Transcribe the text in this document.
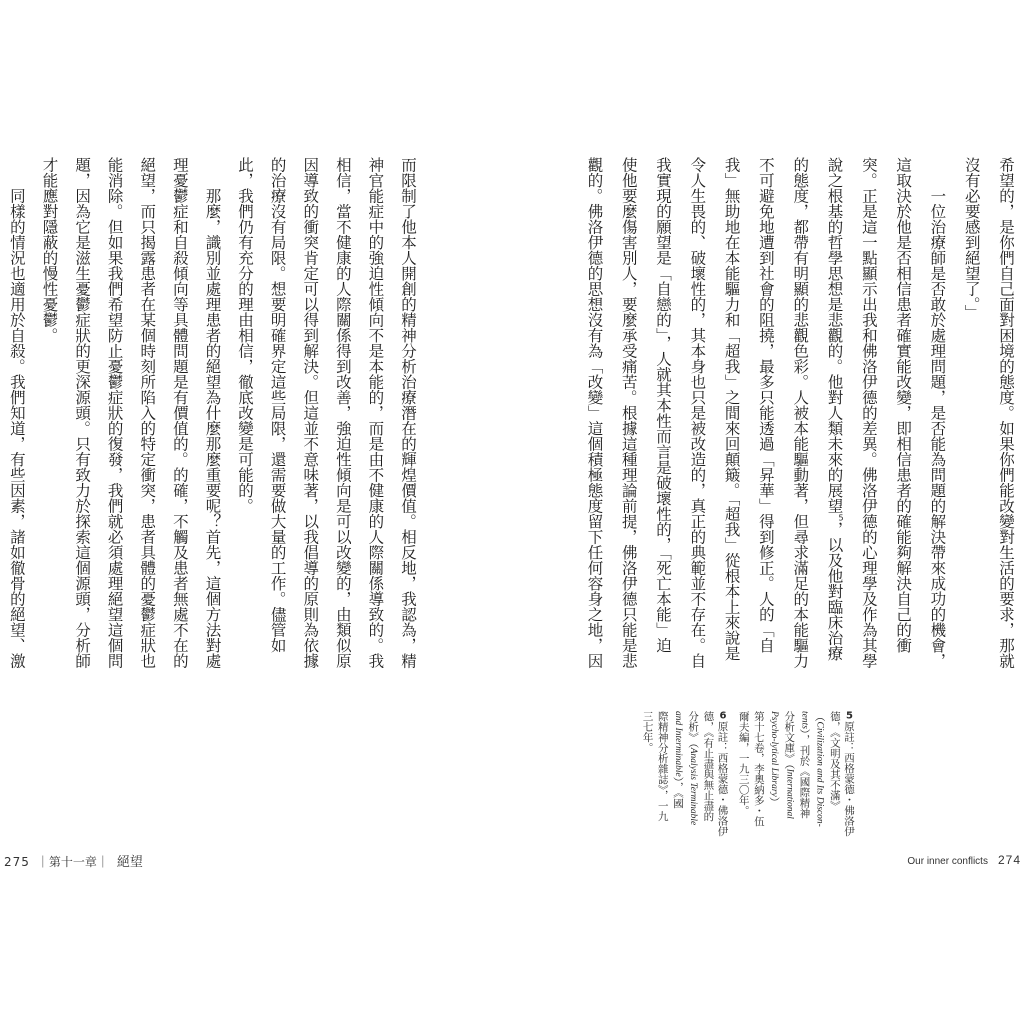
希望的，是你們自己面對困境的態度。如果你們能改變對生活的要求，那就
沒有必要感到絕望了。」
一位治療師是否敢於處理問題，是否能為問題的解決帶來成功的機會，
這取決於他是否相信患者確實能改變，即相信患者的確能夠解決自己的衝
突。正是這一點顯示出我和佛洛伊德的差異。佛洛伊德的心理學及作為其學
說之根基的哲學思想是悲觀的。他對人類未來的展望5，以及他對臨床治療
的態度，都帶有明顯的悲觀色彩。人被本能驅動著，但尋求滿足的本能驅力
不可避免地遭到社會的阻撓，最多只能透過「昇華」得到修正。人的「自
我」無助地在本能驅力和「超我」之間來回顛簸。「超我」從根本上來說是
令人生畏的、破壞性的，其本身也只是被改造的，真正的典範並不存在。自
我實現的願望是「自戀的」，人就其本性而言是破壞性的，「死亡本能」迫
使他要麼傷害別人，要麼承受痛苦。根據這種理論前提，佛洛伊德只能是悲
觀的。佛洛伊德的思想沒有為「改變」這個積極態度留下任何容身之地，因
5原註：西格蒙德・佛洛伊
德，《文明及其不滿》
（Civilization and Its Discon-
tents），刊於《國際精神
分析文庫》（International
Psycho-lytical Library）
第十七卷，李奧納多・伍
爾夫編，一九三〇年。
6原註：西格蒙德・佛洛伊
德，《有止盡與無止盡的
分析》（Analysis Terminable
and Interminable），《國
際精神分析雜誌》，一九
三七年。
而限制了他本人開創的精神分析治療潛在的輝煌價值。相反地，我認為，精
神官能症中的強迫性傾向不是本能的，而是由不健康的人際關係導致的。我
相信，當不健康的人際關係得到改善，強迫性傾向是可以改變的，由類似原
因導致的衝突肯定可以得到解決。但這並不意味著，以我倡導的原則為依據
的治療沒有局限。想要明確界定這些局限，還需要做大量的工作。儘管如
此，我們仍有充分的理由相信，徹底改變是可能的。
那麼，識別並處理患者的絕望為什麼那麼重要呢？首先，這個方法對處
理憂鬱症和自殺傾向等具體問題是有價值的。的確，不觸及患者無處不在的
絕望，而只揭露患者在某個時刻所陷入的特定衝突，患者具體的憂鬱症狀也
能消除。但如果我們希望防止憂鬱症狀的復發，我們就必須處理絕望這個問
題，因為它是滋生憂鬱症狀的更深源頭。只有致力於探索這個源頭，分析師
才能應對隱蔽的慢性憂鬱。
同樣的情況也適用於自殺。我們知道，有些因素，諸如徹骨的絕望、激
275 ｜第十一章｜ 絕望	Our inner conflicts 274
